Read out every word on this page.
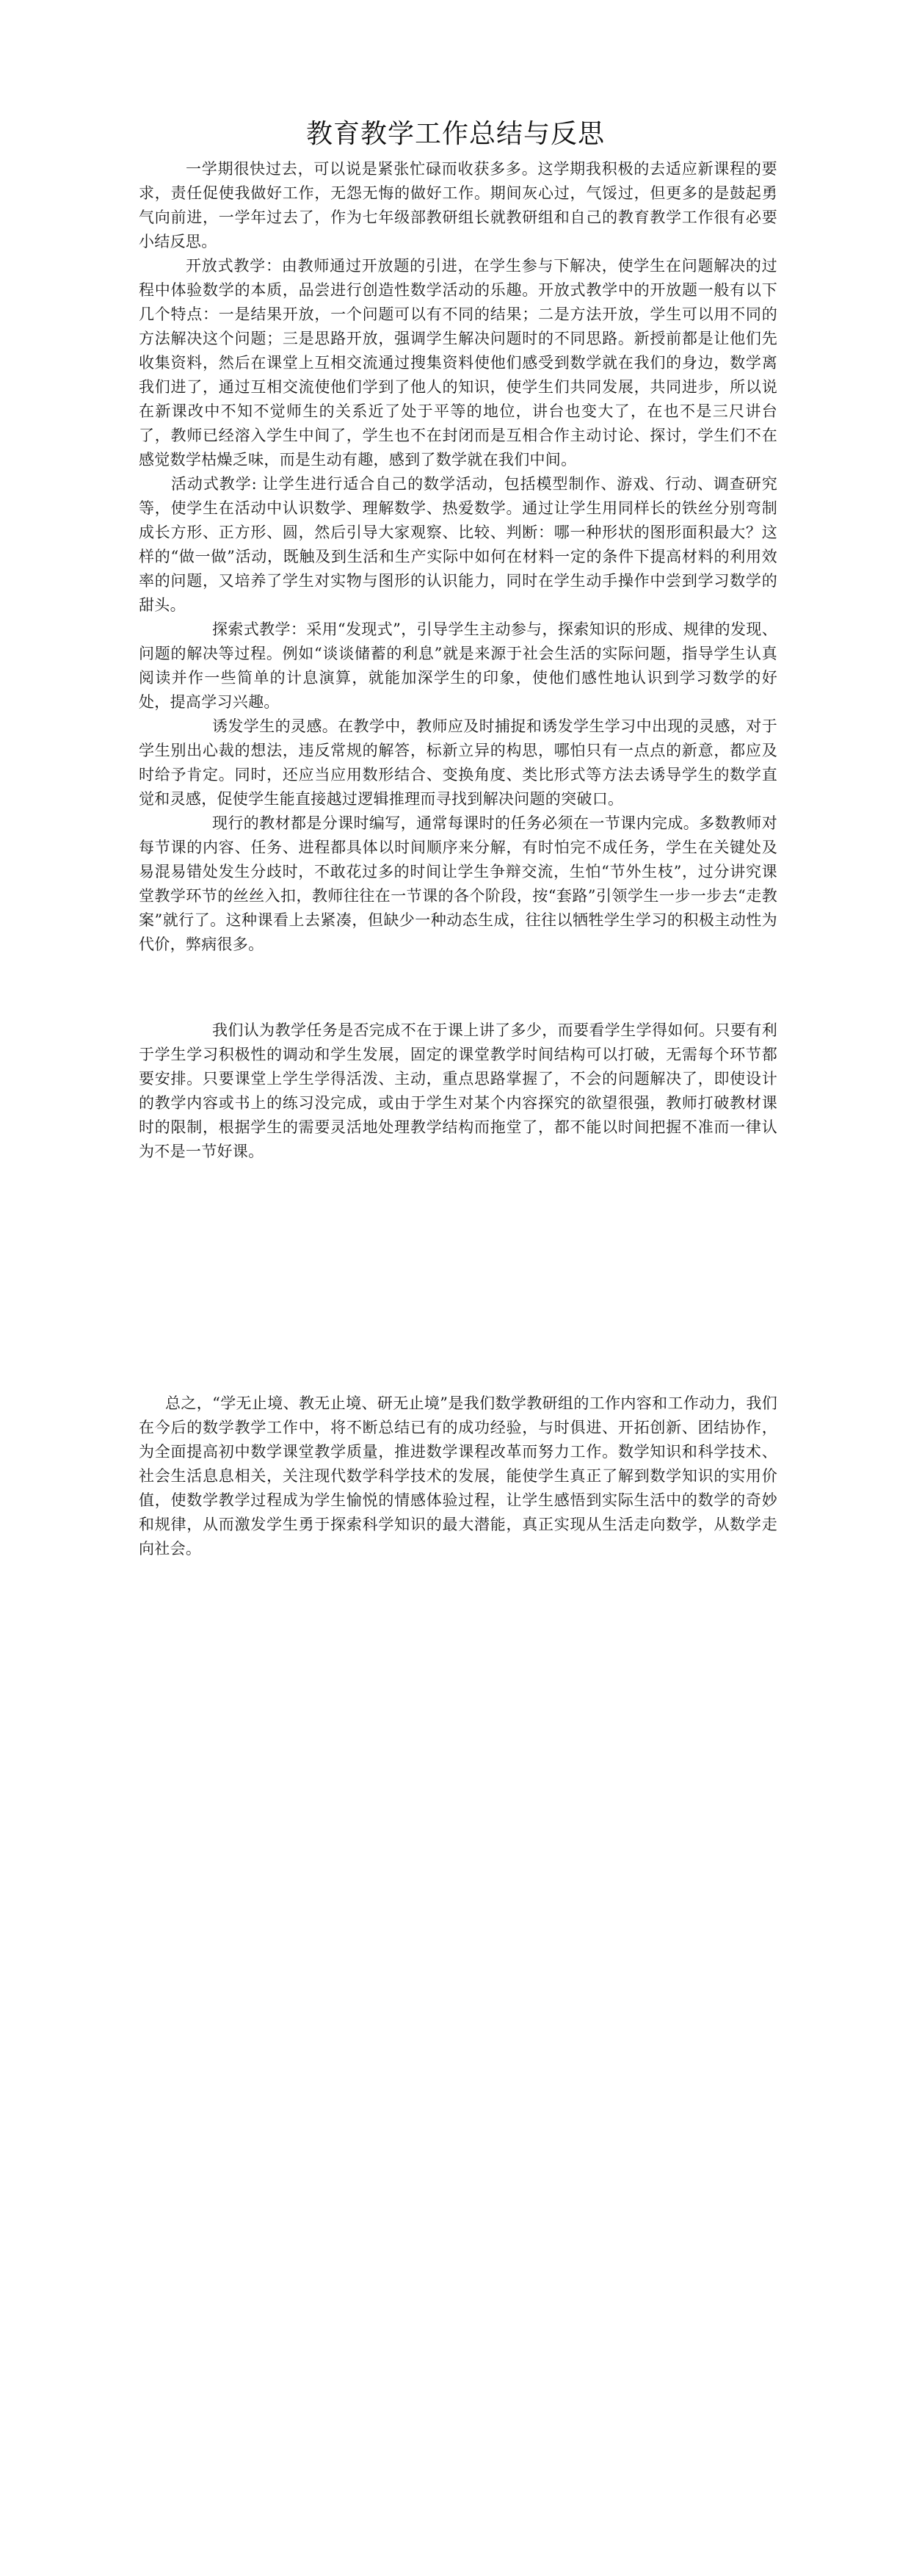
教育教学工作总结与反思

一学期很快过去，可以说是紧张忙碌而收获多多。这学期我积极的去适应新课程的要求，责任促使我做好工作，无怨无悔的做好工作。期间灰心过，气馁过，但更多的是鼓起勇气向前进，一学年过去了，作为七年级部教研组长就教研组和自己的教育教学工作很有必要小结反思。

开放式教学：由教师通过开放题的引进，在学生参与下解决，使学生在问题解决的过程中体验数学的本质，品尝进行创造性数学活动的乐趣。开放式教学中的开放题一般有以下几个特点：一是结果开放，一个问题可以有不同的结果；二是方法开放，学生可以用不同的方法解决这个问题；三是思路开放，强调学生解决问题时的不同思路。新授前都是让他们先收集资料，然后在课堂上互相交流通过搜集资料使他们感受到数学就在我们的身边，数学离我们进了，通过互相交流使他们学到了他人的知识，使学生们共同发展，共同进步，所以说在新课改中不知不觉师生的关系近了处于平等的地位，讲台也变大了，在也不是三尺讲台了，教师已经溶入学生中间了，学生也不在封闭而是互相合作主动讨论、探讨，学生们不在感觉数学枯燥乏味，而是生动有趣，感到了数学就在我们中间。

活动式教学: 让学生进行适合自己的数学活动，包括模型制作、游戏、行动、调查研究等，使学生在活动中认识数学、理解数学、热爱数学。通过让学生用同样长的铁丝分别弯制成长方形、正方形、圆，然后引导大家观察、比较、判断：哪一种形状的图形面积最大？这样的“做一做”活动，既触及到生活和生产实际中如何在材料一定的条件下提高材料的利用效率的问题，又培养了学生对实物与图形的认识能力，同时在学生动手操作中尝到学习数学的甜头。

探索式教学：采用“发现式”，引导学生主动参与，探索知识的形成、规律的发现、问题的解决等过程。例如“谈谈储蓄的利息”就是来源于社会生活的实际问题，指导学生认真阅读并作一些简单的计息演算，就能加深学生的印象，使他们感性地认识到学习数学的好处，提高学习兴趣。

诱发学生的灵感。在教学中，教师应及时捕捉和诱发学生学习中出现的灵感，对于学生别出心裁的想法，违反常规的解答，标新立异的构思，哪怕只有一点点的新意，都应及时给予肯定。同时，还应当应用数形结合、变换角度、类比形式等方法去诱导学生的数学直觉和灵感，促使学生能直接越过逻辑推理而寻找到解决问题的突破口。

现行的教材都是分课时编写，通常每课时的任务必须在一节课内完成。多数教师对每节课的内容、任务、进程都具体以时间顺序来分解，有时怕完不成任务，学生在关键处及易混易错处发生分歧时，不敢花过多的时间让学生争辩交流，生怕“节外生枝”，过分讲究课堂教学环节的丝丝入扣，教师往往在一节课的各个阶段，按“套路”引领学生一步一步去“走教案”就行了。这种课看上去紧凑，但缺少一种动态生成，往往以牺牲学生学习的积极主动性为代价，弊病很多。

我们认为教学任务是否完成不在于课上讲了多少，而要看学生学得如何。只要有利于学生学习积极性的调动和学生发展，固定的课堂教学时间结构可以打破，无需每个环节都要安排。只要课堂上学生学得活泼、主动，重点思路掌握了，不会的问题解决了，即使设计的教学内容或书上的练习没完成，或由于学生对某个内容探究的欲望很强，教师打破教材课时的限制，根据学生的需要灵活地处理教学结构而拖堂了，都不能以时间把握不准而一律认为不是一节好课。

总之，“学无止境、教无止境、研无止境”是我们数学教研组的工作内容和工作动力，我们在今后的数学教学工作中，将不断总结已有的成功经验，与时俱进、开拓创新、团结协作，为全面提高初中数学课堂教学质量，推进数学课程改革而努力工作。数学知识和科学技术、社会生活息息相关，关注现代数学科学技术的发展，能使学生真正了解到数学知识的实用价值，使数学教学过程成为学生愉悦的情感体验过程，让学生感悟到实际生活中的数学的奇妙和规律，从而激发学生勇于探索科学知识的最大潜能，真正实现从生活走向数学，从数学走向社会。
